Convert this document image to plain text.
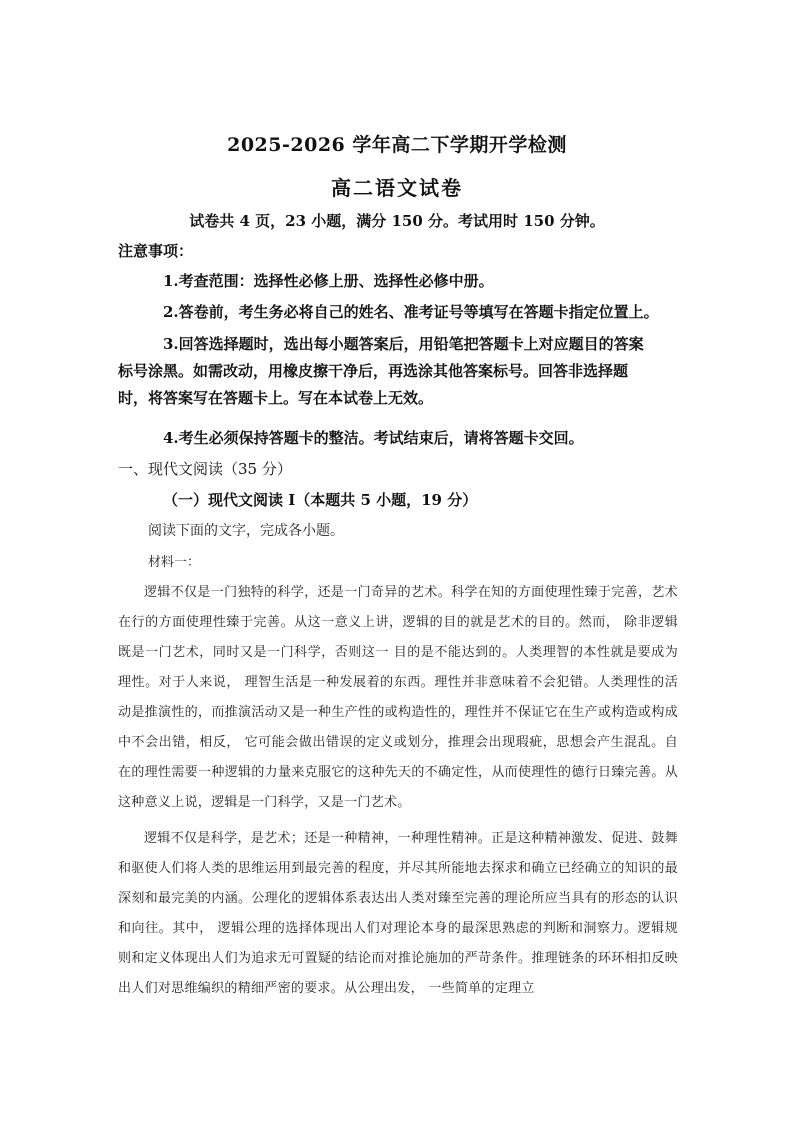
2025-2026 学年高二下学期开学检测
高二语文试卷
试卷共 4 页，23 小题，满分 150 分。考试用时 150 分钟。
注意事项：
1.考查范围：选择性必修上册、选择性必修中册。
2.答卷前，考生务必将自己的姓名、准考证号等填写在答题卡指定位置上。
3.回答选择题时，选出每小题答案后，用铅笔把答题卡上对应题目的答案
标号涂黑。如需改动，用橡皮擦干净后，再选涂其他答案标号。回答非选择题
时，将答案写在答题卡上。写在本试卷上无效。
4.考生必须保持答题卡的整洁。考试结束后，请将答题卡交回。
一、现代文阅读（35 分）
（一）现代文阅读 I（本题共 5 小题，19 分）
阅读下面的文字，完成各小题。
材料一：

逻辑不仅是一门独特的科学，还是一门奇异的艺术。科学在知的方面使理性臻于完善，艺术在行的方面使理性臻于完善。从这一意义上讲，逻辑的目的就是艺术的目的。然而， 除非逻辑既是一门艺术，同时又是一门科学，否则这一 目的是不能达到的。人类理智的本性就是要成为理性。对于人来说， 理智生活是一种发展着的东西。理性并非意味着不会犯错。人类理性的活动是推演性的，而推演活动又是一种生产性的或构造性的，理性并不保证它在生产或构造或构成中不会出错，相反， 它可能会做出错误的定义或划分，推理会出现瑕疵，思想会产生混乱。自在的理性需要一种逻辑的力量来克服它的这种先天的不确定性，从而使理性的德行日臻完善。从这种意义上说，逻辑是一门科学，又是一门艺术。

逻辑不仅是科学，是艺术；还是一种精神，一种理性精神。正是这种精神激发、促进、鼓舞和驱使人们将人类的思维运用到最完善的程度，并尽其所能地去探求和确立已经确立的知识的最深刻和最完美的内涵。公理化的逻辑体系表达出人类对臻至完善的理论所应当具有的形态的认识和向往。其中， 逻辑公理的选择体现出人们对理论本身的最深思熟虑的判断和洞察力。逻辑规则和定义体现出人们为追求无可置疑的结论而对推论施加的严苛条件。推理链条的环环相扣反映出人们对思维编织的精细严密的要求。从公理出发， 一些简单的定理立
